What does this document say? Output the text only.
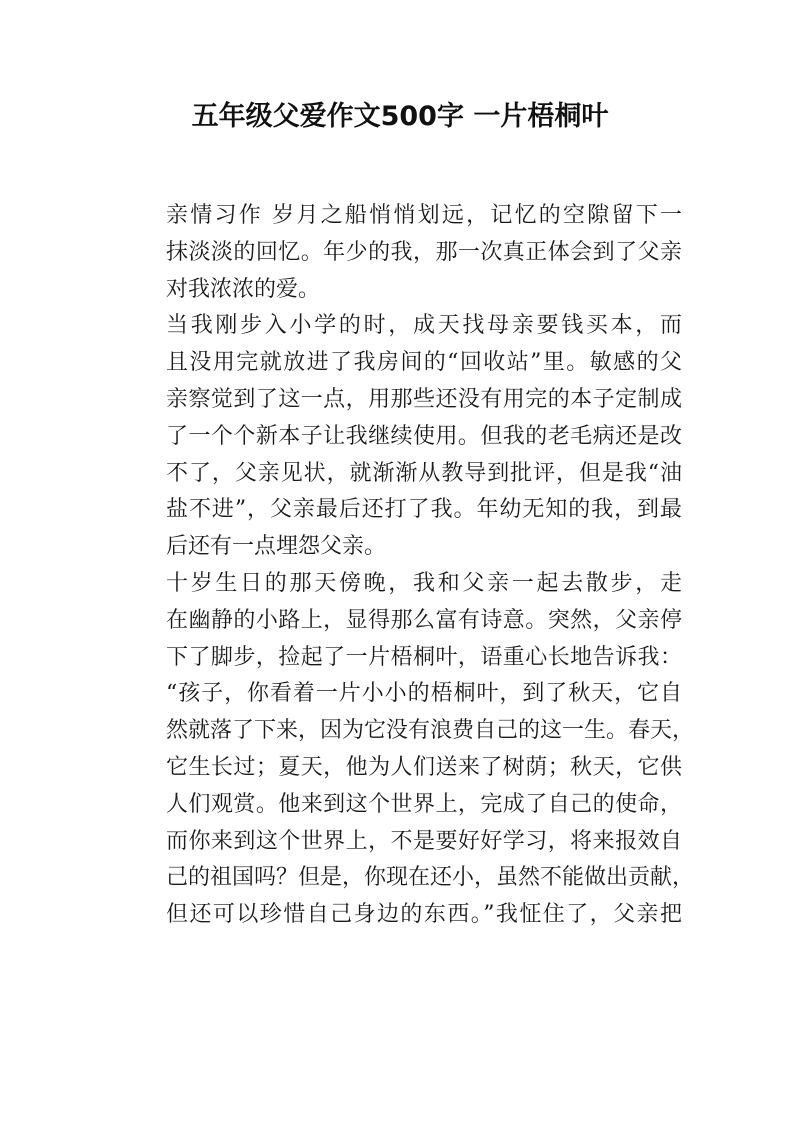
五年级父爱作文500字 一片梧桐叶

亲情习作 岁月之船悄悄划远，记忆的空隙留下一
抹淡淡的回忆。年少的我，那一次真正体会到了父亲
对我浓浓的爱。

当我刚步入小学的时，成天找母亲要钱买本，而
且没用完就放进了我房间的“回收站”里。敏感的父
亲察觉到了这一点，用那些还没有用完的本子定制成
了一个个新本子让我继续使用。但我的老毛病还是改
不了，父亲见状，就渐渐从教导到批评，但是我“油
盐不进”，父亲最后还打了我。年幼无知的我，到最
后还有一点埋怨父亲。

十岁生日的那天傍晚，我和父亲一起去散步，走
在幽静的小路上，显得那么富有诗意。突然，父亲停
下了脚步，捡起了一片梧桐叶，语重心长地告诉我：
“孩子，你看着一片小小的梧桐叶，到了秋天，它自
然就落了下来，因为它没有浪费自己的这一生。春天，
它生长过；夏天，他为人们送来了树荫；秋天，它供
人们观赏。他来到这个世界上，完成了自己的使命，
而你来到这个世界上，不是要好好学习，将来报效自
己的祖国吗？但是，你现在还小，虽然不能做出贡献，
但还可以珍惜自己身边的东西。”我怔住了，父亲把
